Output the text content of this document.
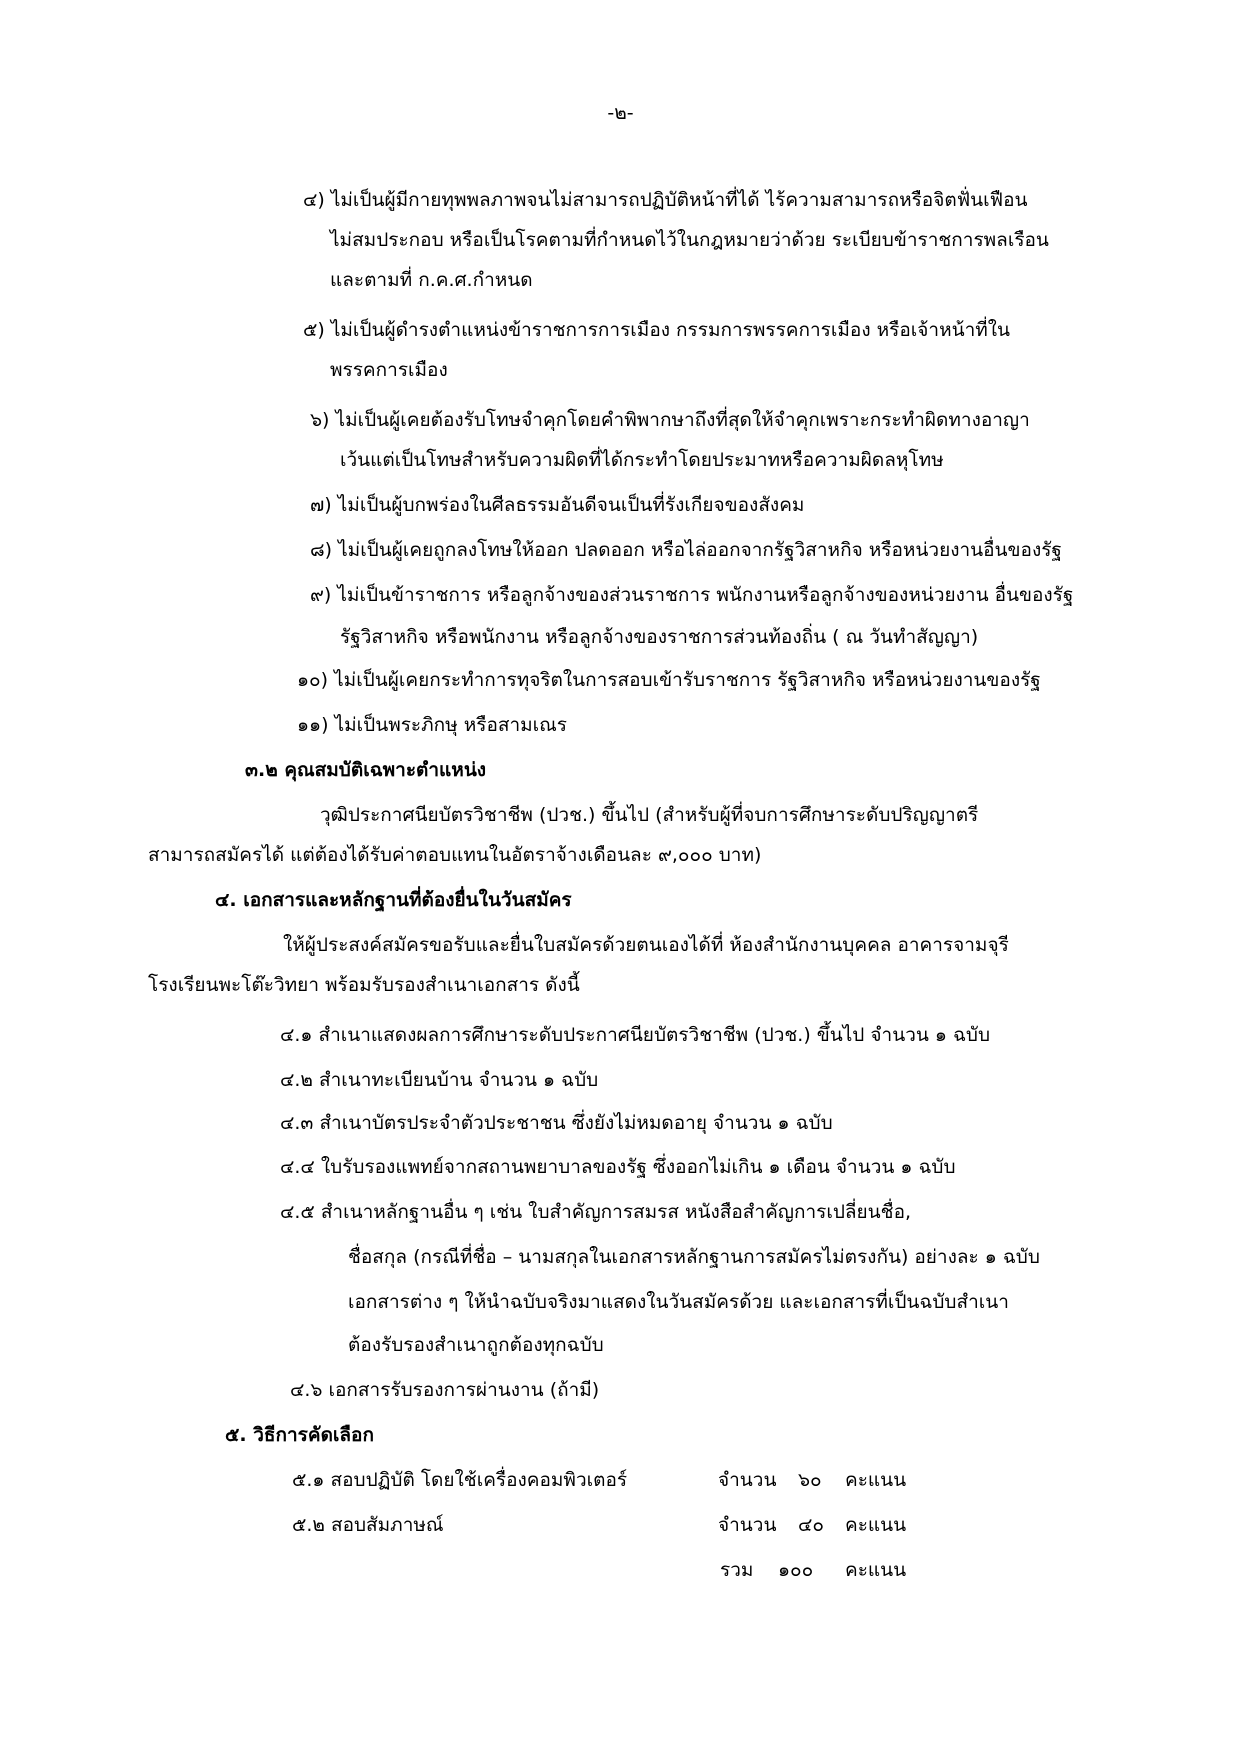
-๒-
๔) ไม่เป็นผู้มีกายทุพพลภาพจนไม่สามารถปฏิบัติหน้าที่ได้ ไร้ความสามารถหรือจิตฟั่นเฟือน
ไม่สมประกอบ หรือเป็นโรคตามที่กำหนดไว้ในกฎหมายว่าด้วย ระเบียบข้าราชการพลเรือน
และตามที่ ก.ค.ศ.กำหนด
๕) ไม่เป็นผู้ดำรงตำแหน่งข้าราชการการเมือง กรรมการพรรคการเมือง หรือเจ้าหน้าที่ใน
พรรคการเมือง
๖) ไม่เป็นผู้เคยต้องรับโทษจำคุกโดยคำพิพากษาถึงที่สุดให้จำคุกเพราะกระทำผิดทางอาญา
เว้นแต่เป็นโทษสำหรับความผิดที่ได้กระทำโดยประมาทหรือความผิดลหุโทษ
๗) ไม่เป็นผู้บกพร่องในศีลธรรมอันดีจนเป็นที่รังเกียจของสังคม
๘) ไม่เป็นผู้เคยถูกลงโทษให้ออก ปลดออก หรือไล่ออกจากรัฐวิสาหกิจ หรือหน่วยงานอื่นของรัฐ
๙) ไม่เป็นข้าราชการ หรือลูกจ้างของส่วนราชการ พนักงานหรือลูกจ้างของหน่วยงาน อื่นของรัฐ
รัฐวิสาหกิจ หรือพนักงาน หรือลูกจ้างของราชการส่วนท้องถิ่น ( ณ วันทำสัญญา)
๑๐) ไม่เป็นผู้เคยกระทำการทุจริตในการสอบเข้ารับราชการ รัฐวิสาหกิจ หรือหน่วยงานของรัฐ
๑๑) ไม่เป็นพระภิกษุ หรือสามเณร
๓.๒ คุณสมบัติเฉพาะตำแหน่ง
วุฒิประกาศนียบัตรวิชาชีพ (ปวช.) ขึ้นไป (สำหรับผู้ที่จบการศึกษาระดับปริญญาตรี
สามารถสมัครได้ แต่ต้องได้รับค่าตอบแทนในอัตราจ้างเดือนละ ๙,๐๐๐ บาท)
๔. เอกสารและหลักฐานที่ต้องยื่นในวันสมัคร
ให้ผู้ประสงค์สมัครขอรับและยื่นใบสมัครด้วยตนเองได้ที่ ห้องสำนักงานบุคคล อาคารจามจุรี
โรงเรียนพะโต๊ะวิทยา พร้อมรับรองสำเนาเอกสาร ดังนี้
๔.๑ สำเนาแสดงผลการศึกษาระดับประกาศนียบัตรวิชาชีพ (ปวช.) ขึ้นไป จำนวน ๑ ฉบับ
๔.๒ สำเนาทะเบียนบ้าน จำนวน ๑ ฉบับ
๔.๓ สำเนาบัตรประจำตัวประชาชน ซึ่งยังไม่หมดอายุ จำนวน ๑ ฉบับ
๔.๔ ใบรับรองแพทย์จากสถานพยาบาลของรัฐ ซึ่งออกไม่เกิน ๑ เดือน จำนวน ๑ ฉบับ
๔.๕ สำเนาหลักฐานอื่น ๆ เช่น ใบสำคัญการสมรส หนังสือสำคัญการเปลี่ยนชื่อ,
ชื่อสกุล (กรณีที่ชื่อ – นามสกุลในเอกสารหลักฐานการสมัครไม่ตรงกัน) อย่างละ ๑ ฉบับ
เอกสารต่าง ๆ ให้นำฉบับจริงมาแสดงในวันสมัครด้วย และเอกสารที่เป็นฉบับสำเนา
ต้องรับรองสำเนาถูกต้องทุกฉบับ
๔.๖ เอกสารรับรองการผ่านงาน (ถ้ามี)
๕. วิธีการคัดเลือก
๕.๑ สอบปฏิบัติ โดยใช้เครื่องคอมพิวเตอร์	จำนวน ๖๐ คะแนน
๕.๒ สอบสัมภาษณ์	จำนวน ๔๐ คะแนน
รวม ๑๐๐ คะแนน
